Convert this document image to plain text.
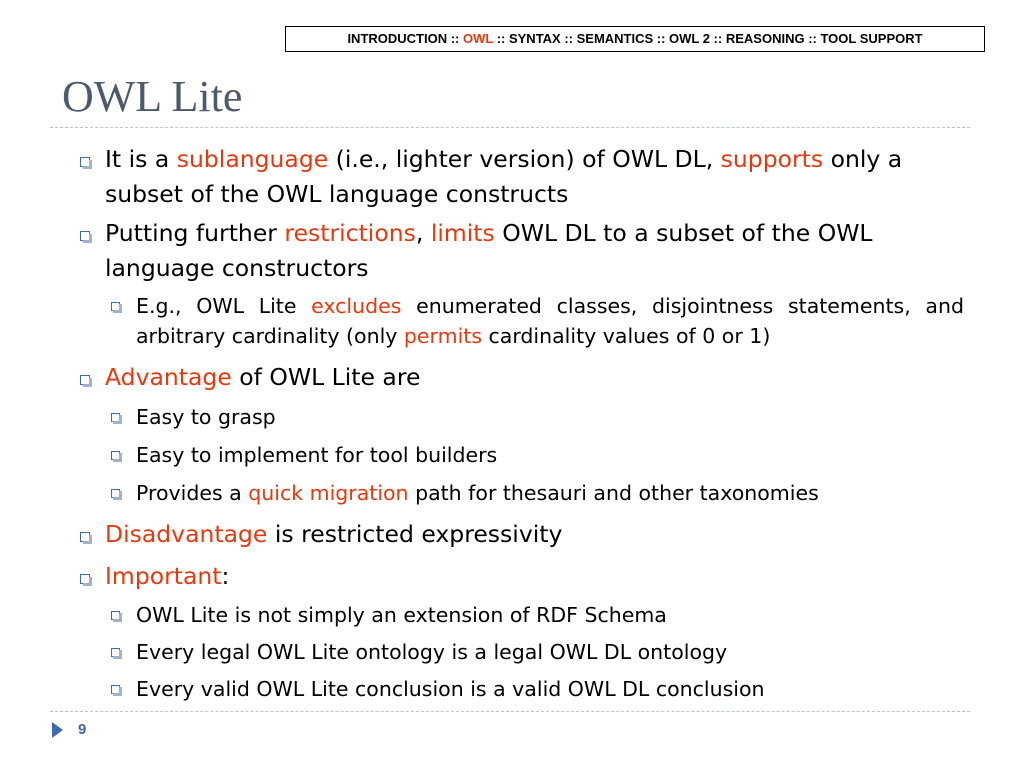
INTRODUCTION :: OWL :: SYNTAX :: SEMANTICS :: OWL 2 :: REASONING :: TOOL SUPPORT
OWL Lite
It is a sublanguage (i.e., lighter version) of OWL DL, supports only a subset of the OWL language constructs
Putting further restrictions, limits OWL DL to a subset of the OWL language constructors
E.g., OWL Lite excludes enumerated classes, disjointness statements, and arbitrary cardinality (only permits cardinality values of 0 or 1)
Advantage of OWL Lite are
Easy to grasp
Easy to implement for tool builders
Provides a quick migration path for thesauri and other taxonomies
Disadvantage is restricted expressivity
Important:
OWL Lite is not simply an extension of RDF Schema
Every legal OWL Lite ontology is a legal OWL DL ontology
Every valid OWL Lite conclusion is a valid OWL DL conclusion
9
